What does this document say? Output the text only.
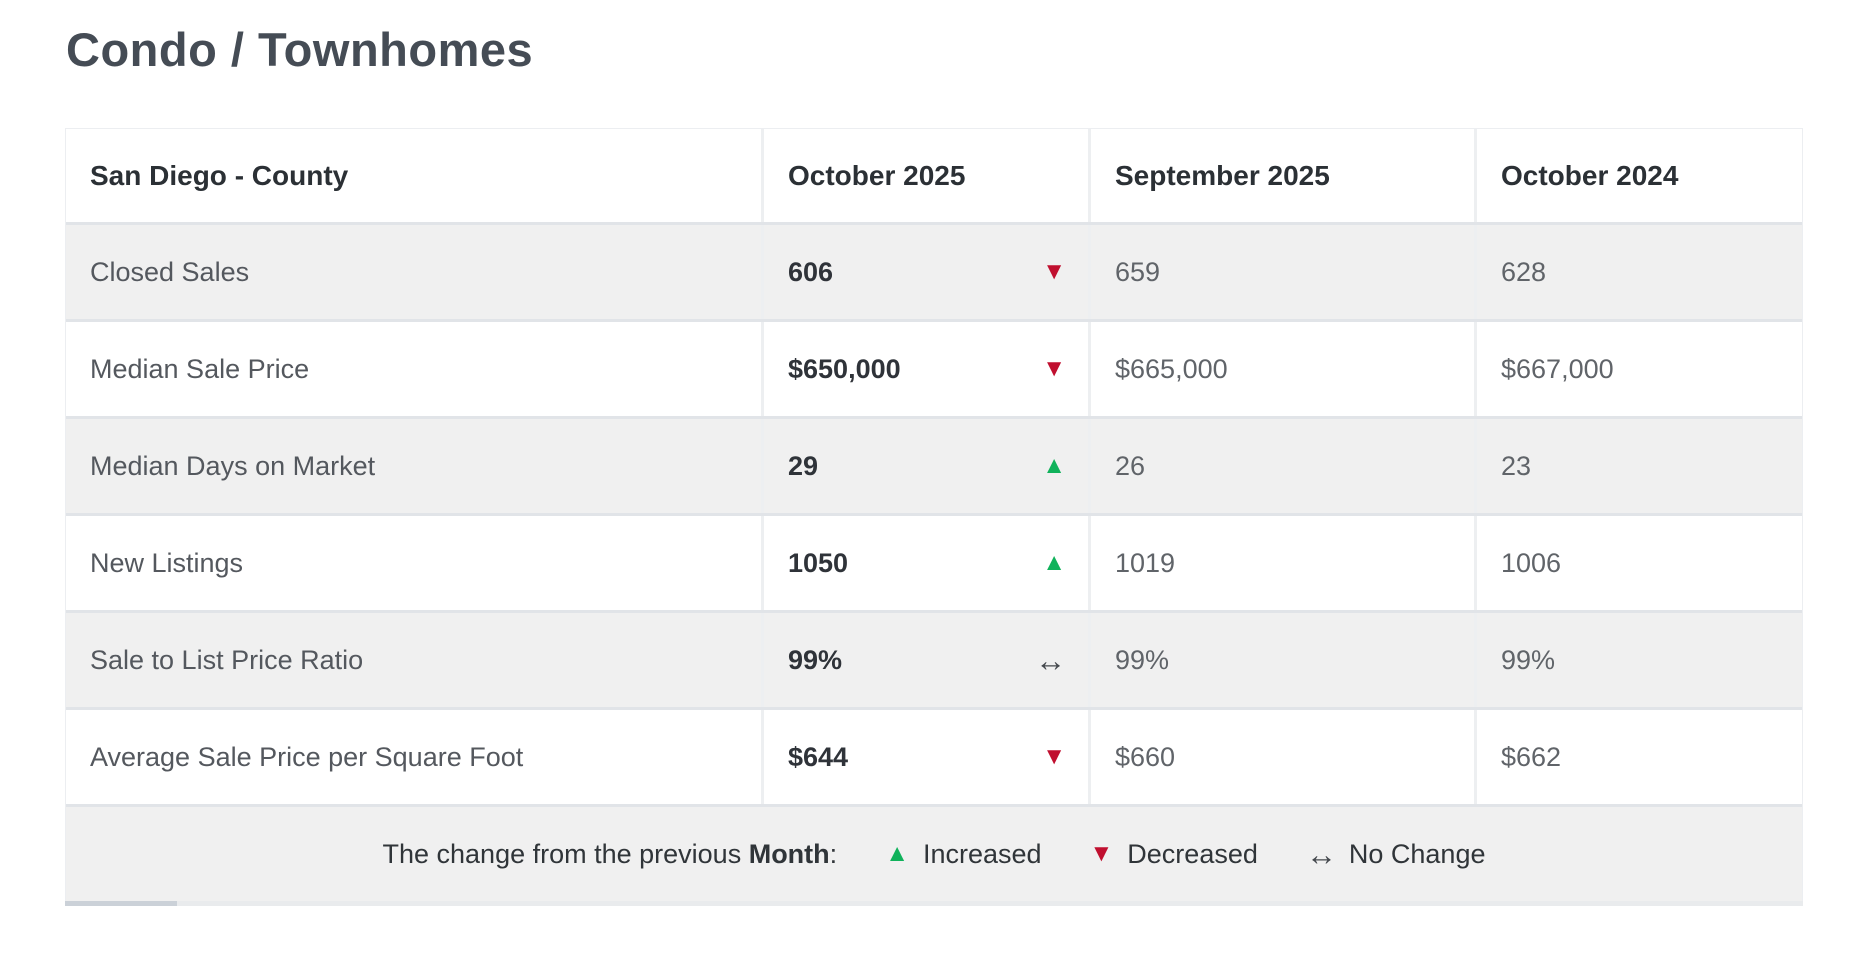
Condo / Townhomes
San Diego - County	October 2025	September 2025	October 2024
Closed Sales	606	▼	659	628
Median Sale Price	$650,000	▼	$665,000	$667,000
Median Days on Market	29	▲	26	23
New Listings	1050	▲	1019	1006
Sale to List Price Ratio	99%	↔	99%	99%
Average Sale Price per Square Foot	$644	▼	$660	$662
The change from the previous Month: ▲ Increased ▼ Decreased ↔ No Change
